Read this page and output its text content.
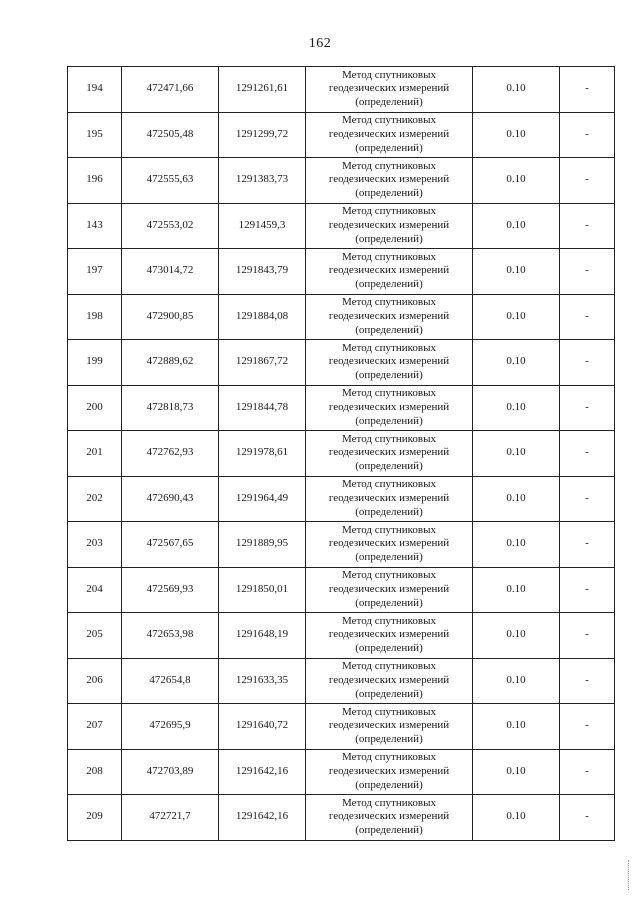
162
194	472471,66	1291261,61	Метод спутниковых
геодезических измерений
(определений)	0.10	-
195	472505,48	1291299,72	Метод спутниковых
геодезических измерений
(определений)	0.10	-
196	472555,63	1291383,73	Метод спутниковых
геодезических измерений
(определений)	0.10	-
143	472553,02	1291459,3	Метод спутниковых
геодезических измерений
(определений)	0.10	-
197	473014,72	1291843,79	Метод спутниковых
геодезических измерений
(определений)	0.10	-
198	472900,85	1291884,08	Метод спутниковых
геодезических измерений
(определений)	0.10	-
199	472889,62	1291867,72	Метод спутниковых
геодезических измерений
(определений)	0.10	-
200	472818,73	1291844,78	Метод спутниковых
геодезических измерений
(определений)	0.10	-
201	472762,93	1291978,61	Метод спутниковых
геодезических измерений
(определений)	0.10	-
202	472690,43	1291964,49	Метод спутниковых
геодезических измерений
(определений)	0.10	-
203	472567,65	1291889,95	Метод спутниковых
геодезических измерений
(определений)	0.10	-
204	472569,93	1291850,01	Метод спутниковых
геодезических измерений
(определений)	0.10	-
205	472653,98	1291648,19	Метод спутниковых
геодезических измерений
(определений)	0.10	-
206	472654,8	1291633,35	Метод спутниковых
геодезических измерений
(определений)	0.10	-
207	472695,9	1291640,72	Метод спутниковых
геодезических измерений
(определений)	0.10	-
208	472703,89	1291642,16	Метод спутниковых
геодезических измерений
(определений)	0.10	-
209	472721,7	1291642,16	Метод спутниковых
геодезических измерений
(определений)	0.10	-
